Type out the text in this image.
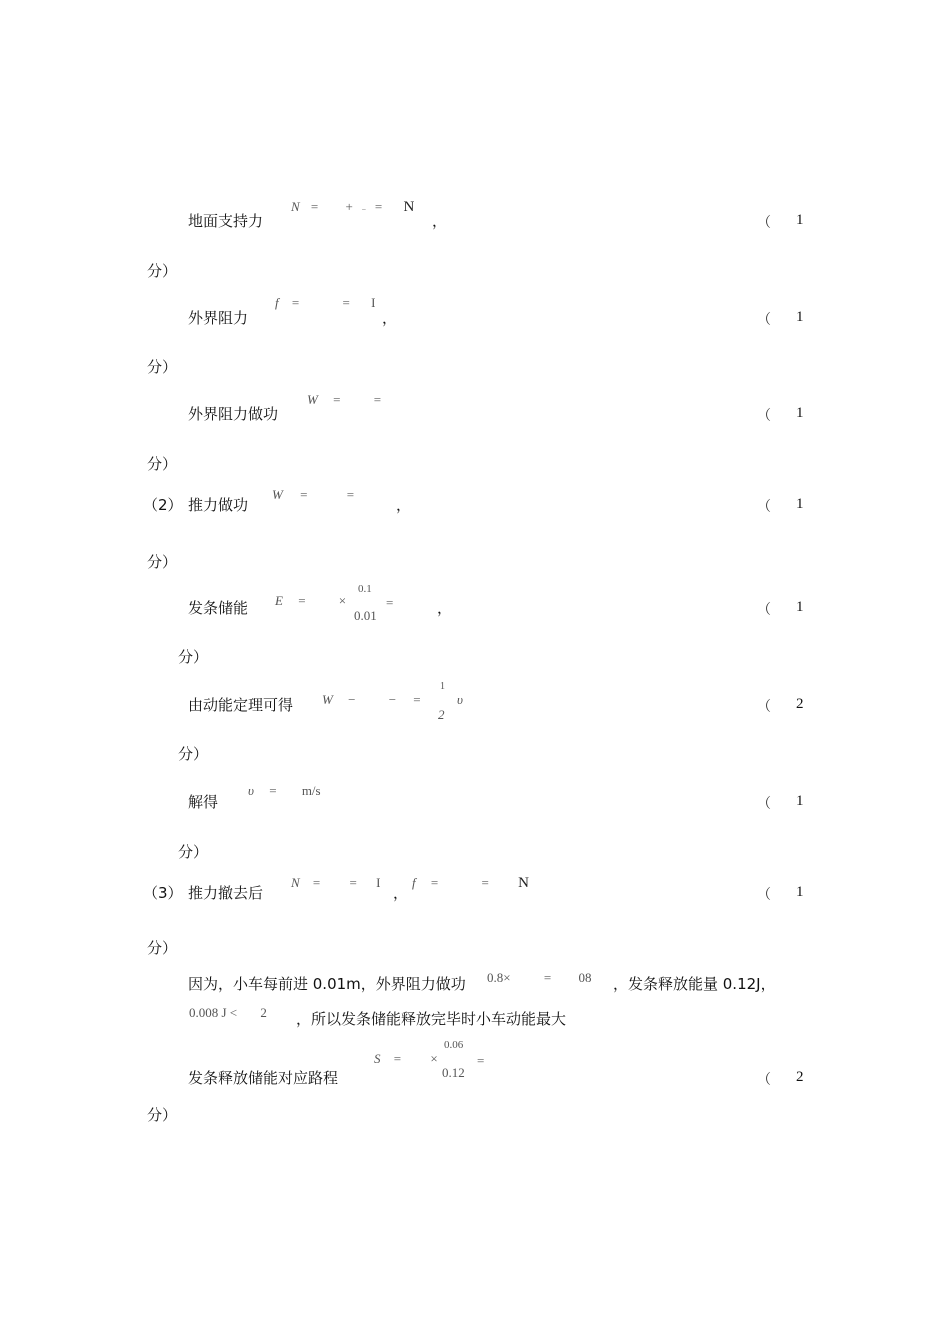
地面支持力
N = + – = N
，	（ 1
分）
外界阻力
f =	= I
，	（ 1
分）
外界阻力做功
W =	=
（ 1
分）
（2） 推力做功
W =	=
，	（ 1
分）
发条储能 E =	×
0.1
0.01
=	，	（ 1
分）
由动能定理可得 W −	− =
1
2
υ
（ 2
分）
解得
υ = m/s
（ 1
分）
（3） 推力撤去后
N = = I
，
f =	= N
（ 1
分）
因为，小车每前进 0.01m，外界阻力做功 0.8×	= 08 ，发条释放能量 0.12J，
0.008 J < 2 ，所以发条储能释放完毕时小车动能最大
发条释放储能对应路程
S = ×
0.06
0.12
=
（ 2
分）
